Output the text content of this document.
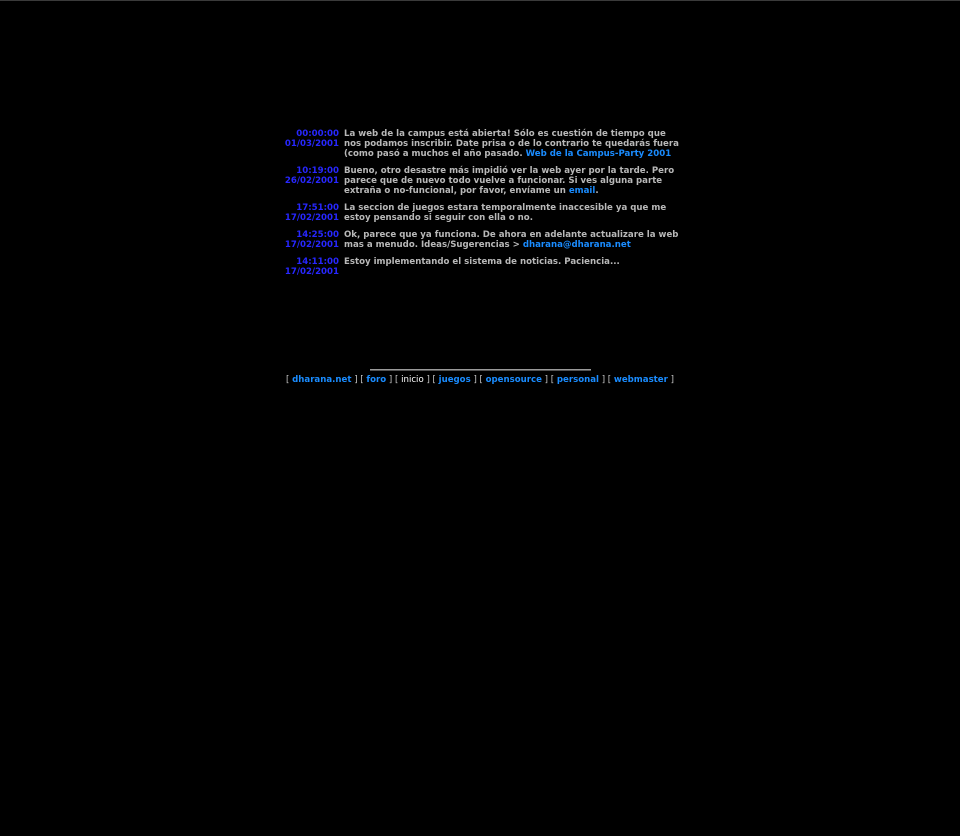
00:00:00
01/03/2001
La web de la campus está abierta! Sólo es cuestión de tiempo que nos podamos inscribir. Date prisa o de lo contrario te quedarás fuera (como pasó a muchos el año pasado. Web de la Campus-Party 2001
10:19:00
26/02/2001
Bueno, otro desastre más impidió ver la web ayer por la tarde. Pero parece que de nuevo todo vuelve a funcionar. Si ves alguna parte extraña o no-funcional, por favor, envíame un email.
17:51:00
17/02/2001
La seccion de juegos estara temporalmente inaccesible ya que me estoy pensando si seguir con ella o no.
14:25:00
17/02/2001
Ok, parece que ya funciona. De ahora en adelante actualizare la web mas a menudo. Ideas/Sugerencias > dharana@dharana.net
14:11:00
17/02/2001
Estoy implementando el sistema de noticias. Paciencia...
[ dharana.net ] [ foro ] [ inicio ] [ juegos ] [ opensource ] [ personal ] [ webmaster ]
